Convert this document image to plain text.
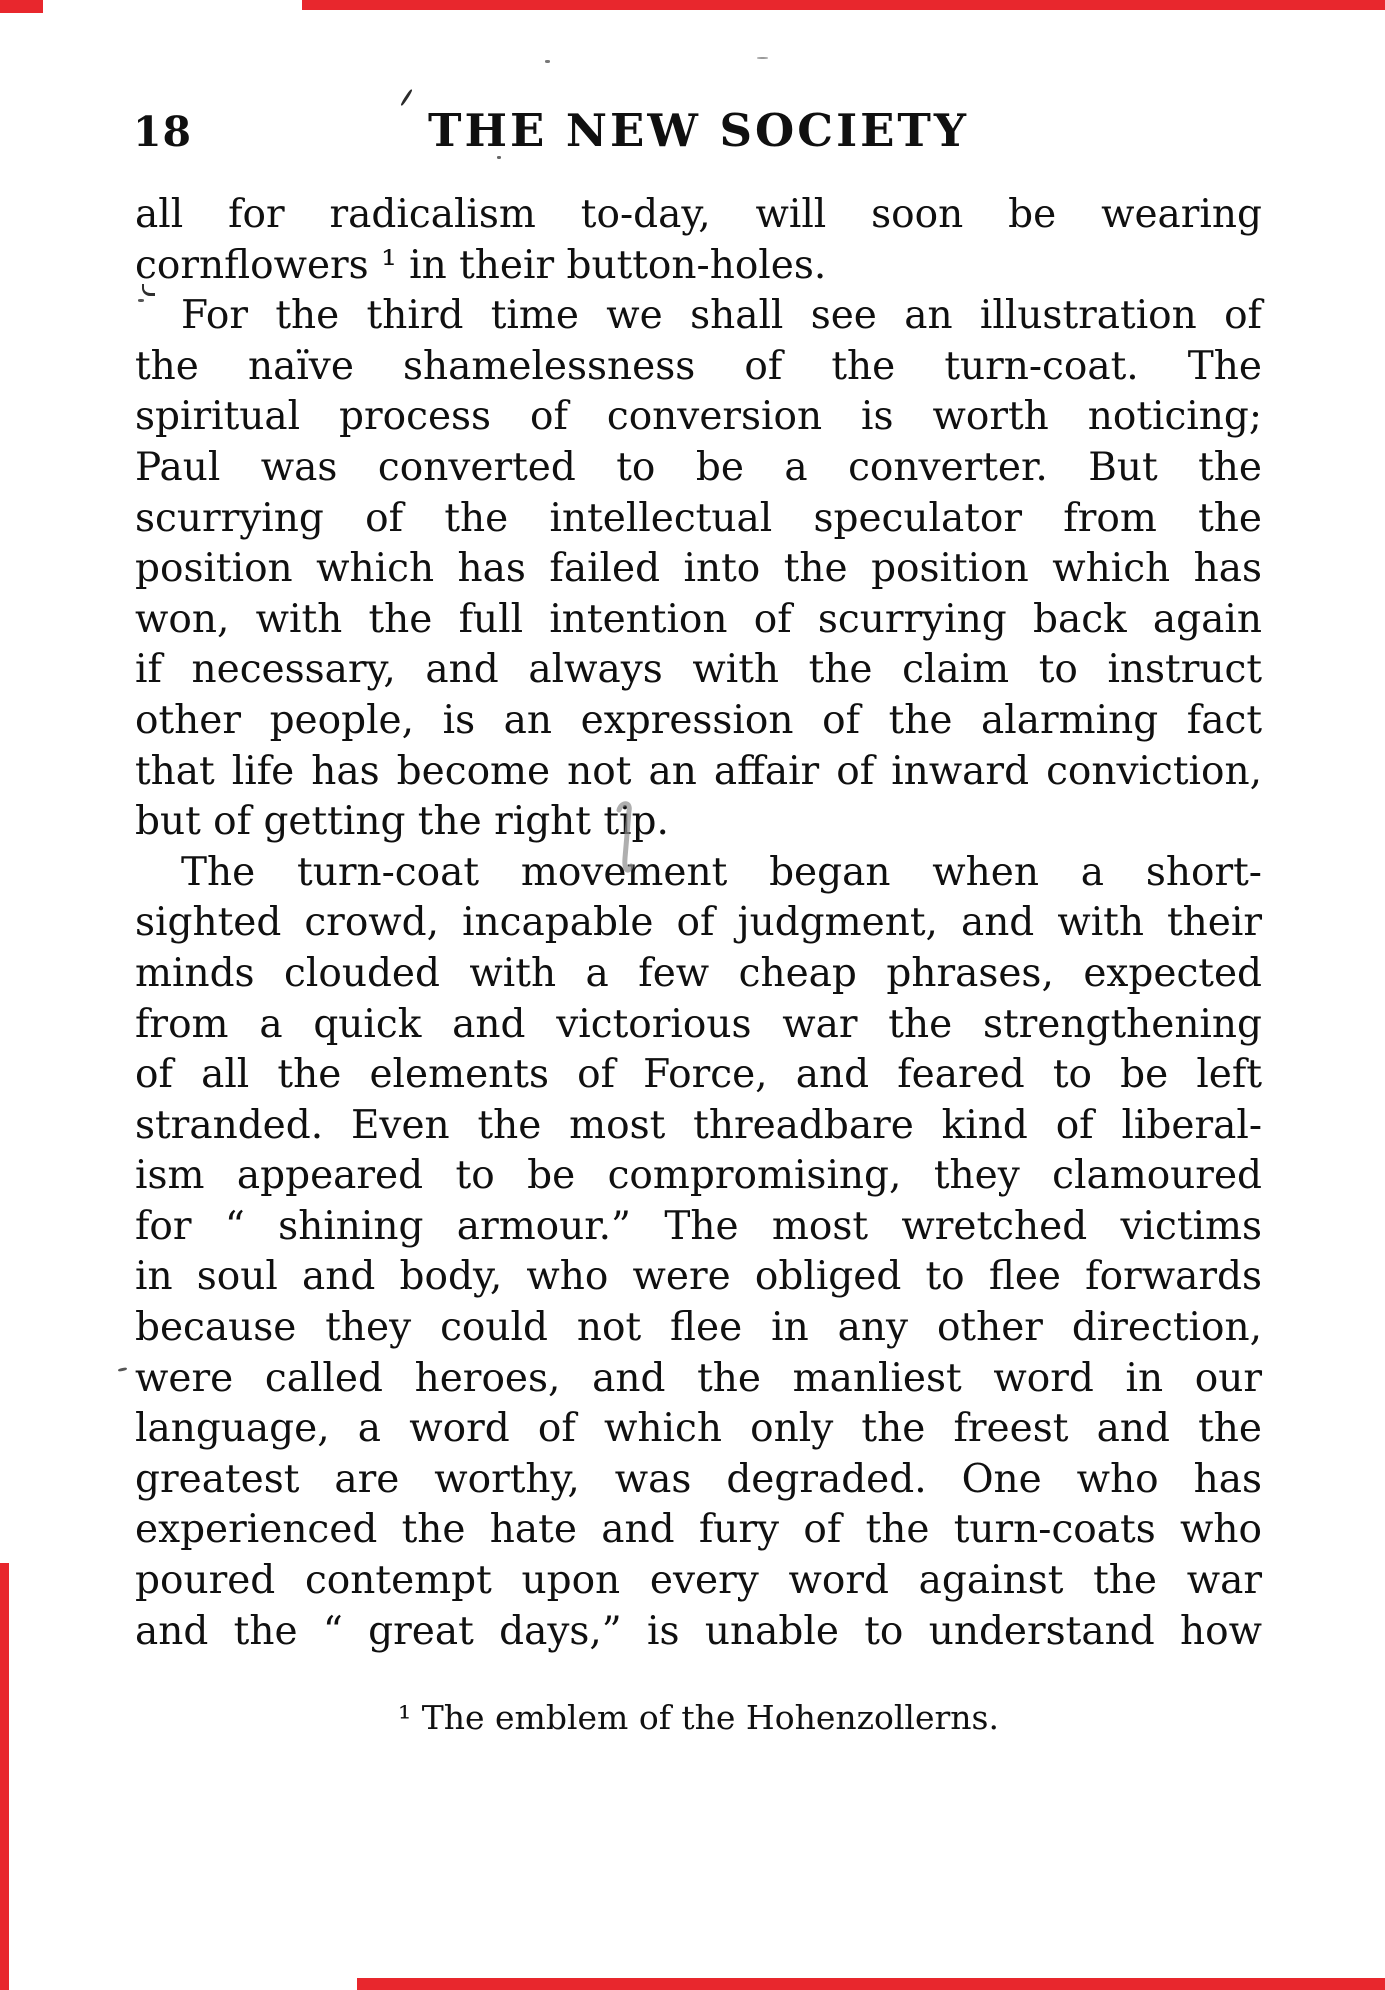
18	THE NEW SOCIETY
all for radicalism to-day, will soon be wearing
cornflowers ¹ in their button-holes.
For the third time we shall see an illustration of
the naïve shamelessness of the turn-coat. The
spiritual process of conversion is worth noticing;
Paul was converted to be a converter. But the
scurrying of the intellectual speculator from the
position which has failed into the position which has
won, with the full intention of scurrying back again
if necessary, and always with the claim to instruct
other people, is an expression of the alarming fact
that life has become not an affair of inward conviction,
but of getting the right tip.
The turn-coat movement began when a short-
sighted crowd, incapable of judgment, and with their
minds clouded with a few cheap phrases, expected
from a quick and victorious war the strengthening
of all the elements of Force, and feared to be left
stranded. Even the most threadbare kind of liberal-
ism appeared to be compromising, they clamoured
for “ shining armour.” The most wretched victims
in soul and body, who were obliged to flee forwards
because they could not flee in any other direction,
were called heroes, and the manliest word in our
language, a word of which only the freest and the
greatest are worthy, was degraded. One who has
experienced the hate and fury of the turn-coats who
poured contempt upon every word against the war
and the “ great days,” is unable to understand how
¹ The emblem of the Hohenzollerns.
